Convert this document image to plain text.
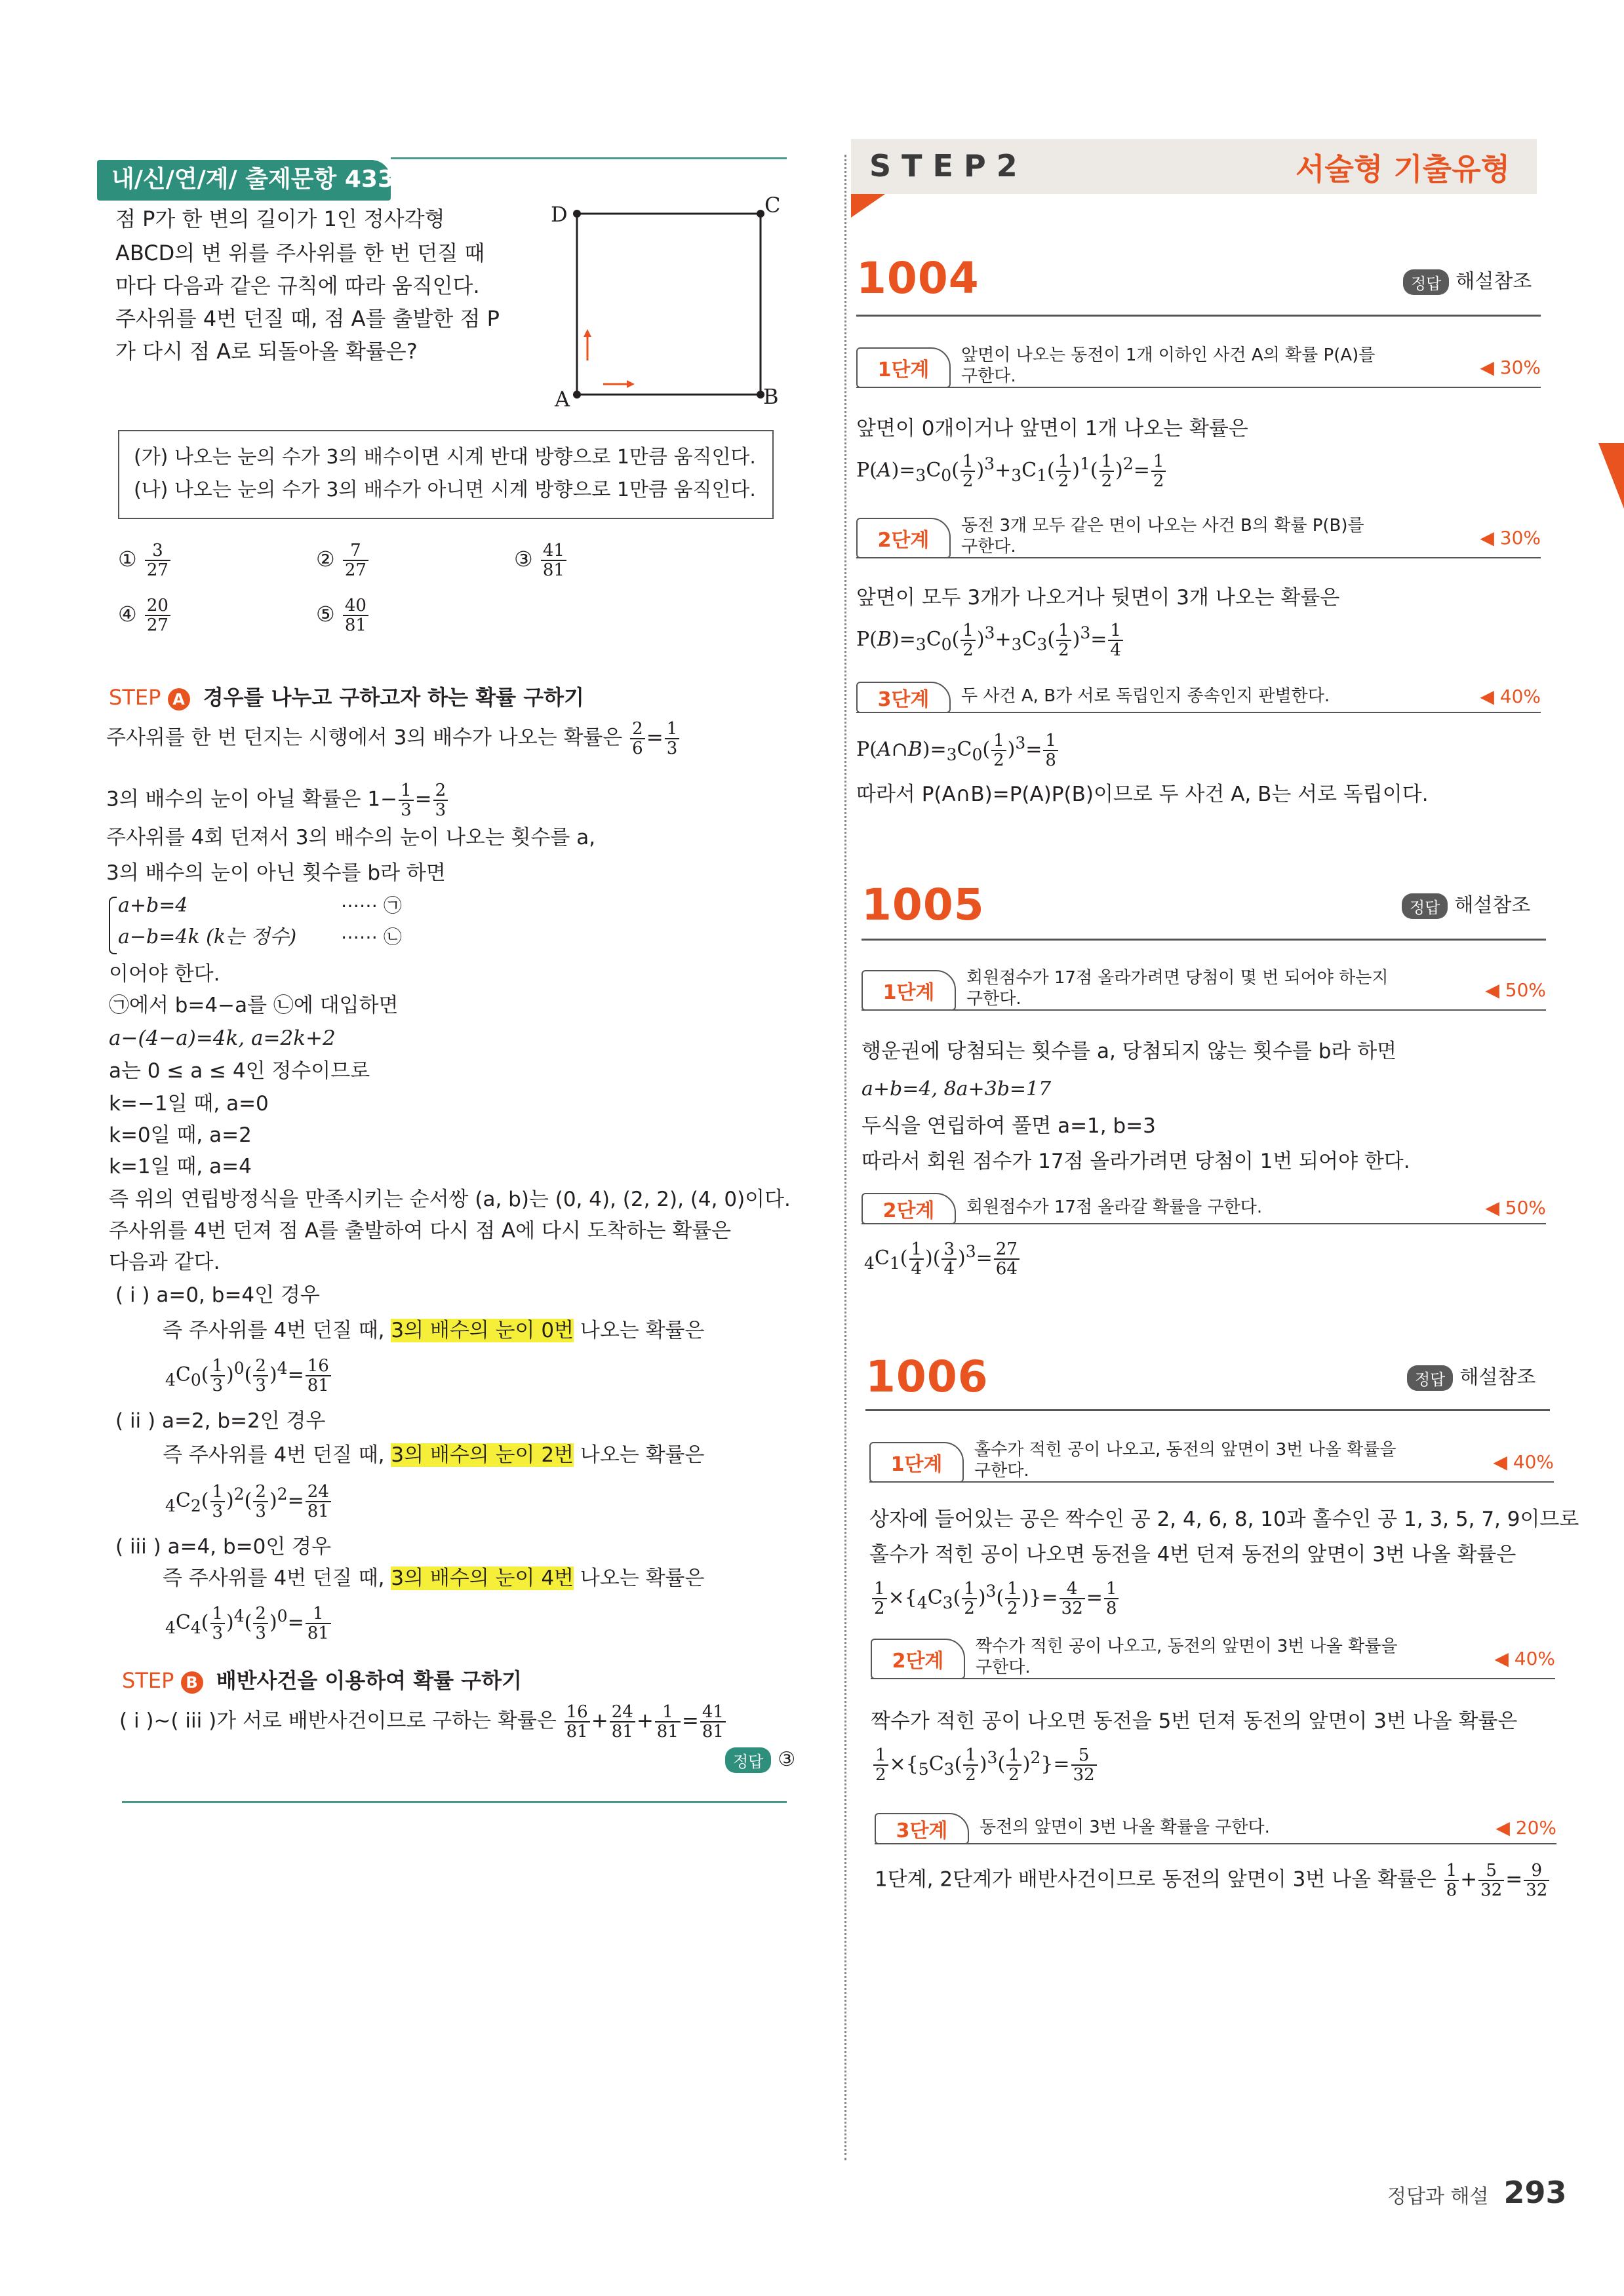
내/신/연/계/ 출제문항 433
점 P가 한 변의 길이가 1인 정사각형
ABCD의 변 위를 주사위를 한 번 던질 때
마다 다음과 같은 규칙에 따라 움직인다.
주사위를 4번 던질 때, 점 A를 출발한 점 P
가 다시 점 A로 되돌아올 확률은?
D	C
A	B
(가) 나오는 눈의 수가 3의 배수이면 시계 반대 방향으로 1만큼 움직인다.
(나) 나오는 눈의 수가 3의 배수가 아니면 시계 방향으로 1만큼 움직인다.
① $\frac{3}{27}$	② $\frac{7}{27}$	③ $\frac{41}{81}$
④ $\frac{20}{27}$	⑤ $\frac{40}{81}$
STEP A 경우를 나누고 구하고자 하는 확률 구하기
주사위를 한 번 던지는 시행에서 3의 배수가 나오는 확률은 $\frac{2}{6} = \frac{1}{3}$
3의 배수의 눈이 아닐 확률은 $1- \frac{1}{3} = \frac{2}{3}$
주사위를 4회 던져서 3의 배수의 눈이 나오는 횟수를 a,
3의 배수의 눈이 아닌 횟수를 b라 하면
a+b=4	⋯⋯ ㉠
a−b=4k (k는 정수) ⋯⋯ ㉡
이어야 한다.
㉠에서 b=4−a를 ㉡에 대입하면
a−(4−a)=4k, a=2k+2
a는 0 ≤ a ≤ 4인 정수이므로
k=−1일 때, a=0
k=0일 때, a=2
k=1일 때, a=4
즉 위의 연립방정식을 만족시키는 순서쌍 (a, b)는 (0, 4), (2, 2), (4, 0)이다.
주사위를 4번 던져 점 A를 출발하여 다시 점 A에 다시 도착하는 확률은
다음과 같다.
( i ) a=0, b=4인 경우
즉 주사위를 4번 던질 때, 3의 배수의 눈이 0번 나오는 확률은
$_4C_0( \frac{1}{3} )^0( \frac{2}{3} )^4= \frac{16}{81}$
( ii ) a=2, b=2인 경우
즉 주사위를 4번 던질 때, 3의 배수의 눈이 2번 나오는 확률은
$_4C_2( \frac{1}{3} )^2( \frac{2}{3} )^2= \frac{24}{81}$
( iii ) a=4, b=0인 경우
즉 주사위를 4번 던질 때, 3의 배수의 눈이 4번 나오는 확률은
$_4C_4( \frac{1}{3} )^4( \frac{2}{3} )^0= \frac{1}{81}$
STEP B 배반사건을 이용하여 확률 구하기
( i )~( iii )가 서로 배반사건이므로 구하는 확률은 $\frac{16}{81} + \frac{24}{81} + \frac{1}{81} = \frac{41}{81}$
정답 ③
S T E P 2	서술형 기출유형
1004	정답 해설참조
1단계
앞면이 나오는 동전이 1개 이하인 사건 A의 확률 P(A)를
구한다.	◀ 30%
앞면이 0개이거나 앞면이 1개 나오는 확률은
$P(A)=_3C_0( \frac{1}{2} )^3+_3C_1( \frac{1}{2} )^1( \frac{1}{2} )^2= \frac{1}{2}$
2단계
동전 3개 모두 같은 면이 나오는 사건 B의 확률 P(B)를
구한다.	◀ 30%
앞면이 모두 3개가 나오거나 뒷면이 3개 나오는 확률은
$P(B)=_3C_0( \frac{1}{2} )^3+_3C_3( \frac{1}{2} )^3= \frac{1}{4}$
3단계	두 사건 A, B가 서로 독립인지 종속인지 판별한다.	◀ 40%
$P(A\cap B)=_3C_0( \frac{1}{2} )^3= \frac{1}{8}$
따라서 P(A∩B)=P(A)P(B)이므로 두 사건 A, B는 서로 독립이다.
1005	정답 해설참조
1단계
회원점수가 17점 올라가려면 당첨이 몇 번 되어야 하는지
구한다.	◀ 50%
행운권에 당첨되는 횟수를 a, 당첨되지 않는 횟수를 b라 하면
a+b=4, 8a+3b=17
두식을 연립하여 풀면 a=1, b=3
따라서 회원 점수가 17점 올라가려면 당첨이 1번 되어야 한다.
2단계	회원점수가 17점 올라갈 확률을 구한다.	◀ 50%
$_4C_1( \frac{1}{4}$ )( $\frac{3}{4} )^3= \frac{27}{64}$
1006	정답 해설참조
1단계
홀수가 적힌 공이 나오고, 동전의 앞면이 3번 나올 확률을
구한다.	◀ 40%
상자에 들어있는 공은 짝수인 공 2, 4, 6, 8, 10과 홀수인 공 1, 3, 5, 7, 9이므로
홀수가 적힌 공이 나오면 동전을 4번 던져 동전의 앞면이 3번 나올 확률은
$\frac{1}{2} \times\{_4C_3( \frac{1}{2} )^3( \frac{1}{2}$ )}= $\frac{4}{32} = \frac{1}{8}$
2단계
짝수가 적힌 공이 나오고, 동전의 앞면이 3번 나올 확률을
구한다.	◀ 40%
짝수가 적힌 공이 나오면 동전을 5번 던져 동전의 앞면이 3번 나올 확률은
$\frac{1}{2} \times\{_5C_3( \frac{1}{2} )^3( \frac{1}{2} )^2\}= \frac{5}{32}$
3단계	동전의 앞면이 3번 나올 확률을 구한다.	◀ 20%
1단계, 2단계가 배반사건이므로 동전의 앞면이 3번 나올 확률은 $\frac{1}{8} + \frac{5}{32} = \frac{9}{32}$
정답과 해설 293
